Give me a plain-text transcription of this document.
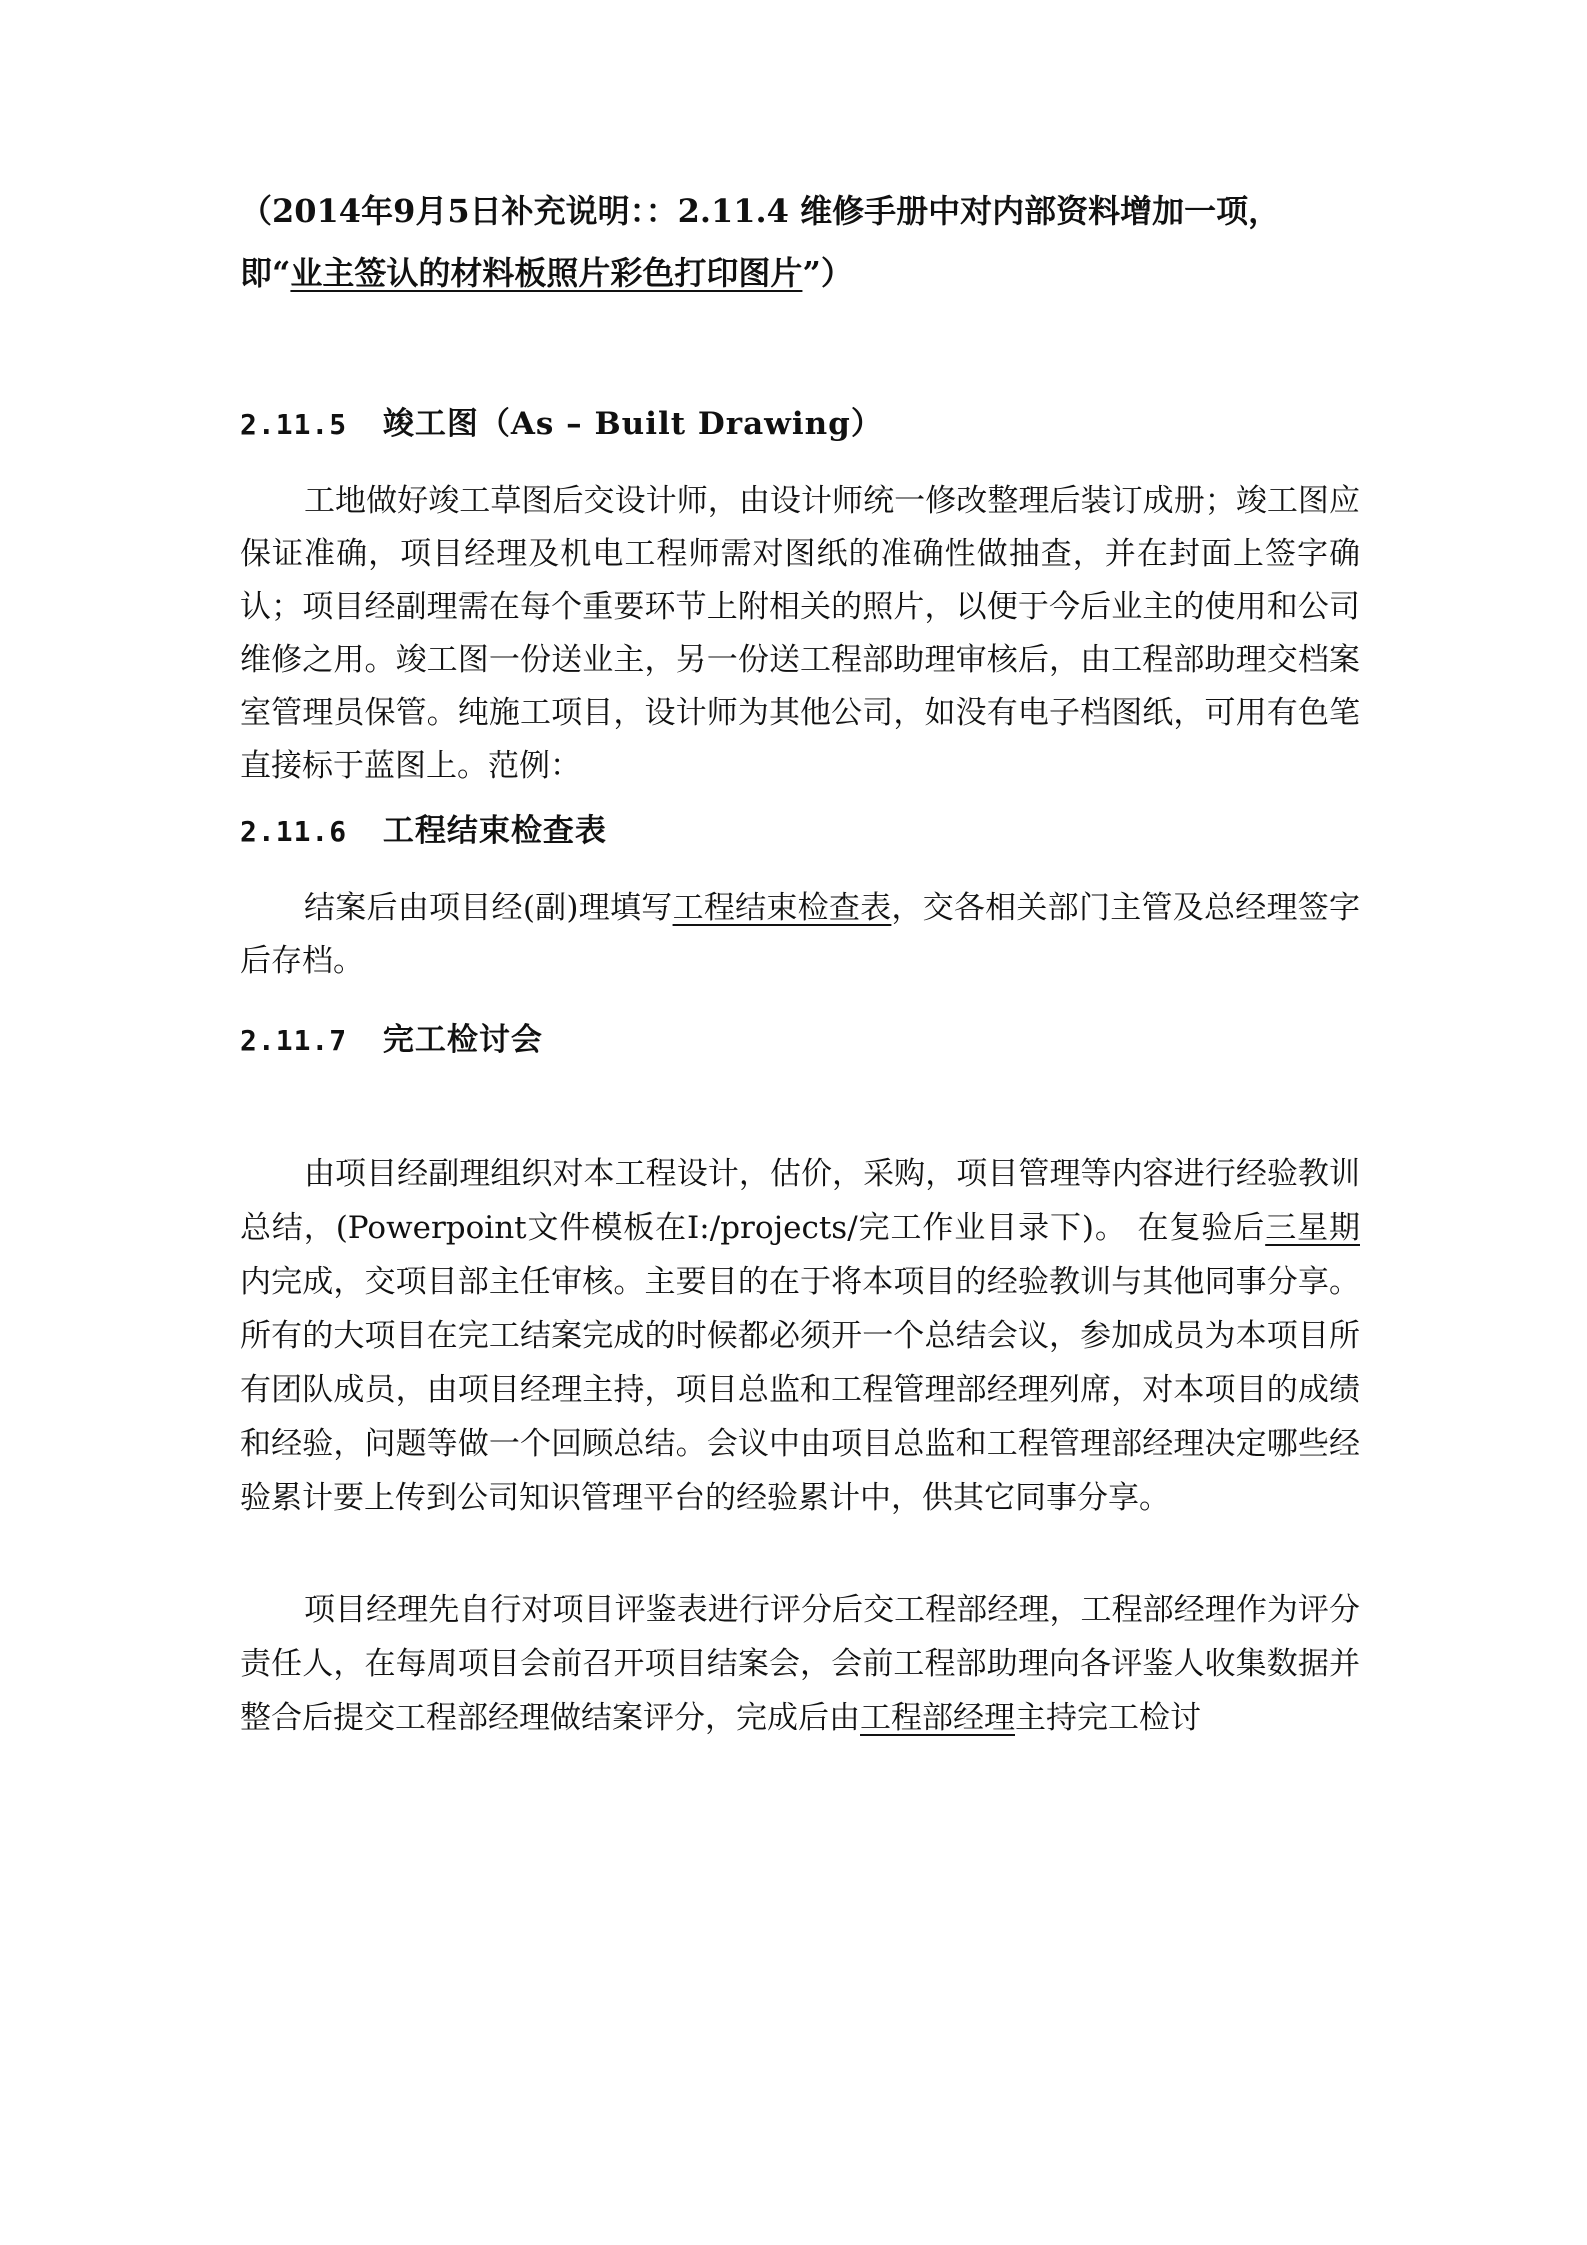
（2014年9月5日补充说明：：2.11.4 维修手册中对内部资料增加一项，即“业主签认的材料板照片彩色打印图片”）

2.11.5 竣工图（As – Built Drawing）

工地做好竣工草图后交设计师，由设计师统一修改整理后装订成册；竣工图应保证准确，项目经理及机电工程师需对图纸的准确性做抽查，并在封面上签字确认；项目经副理需在每个重要环节上附相关的照片，以便于今后业主的使用和公司维修之用。竣工图一份送业主，另一份送工程部助理审核后，由工程部助理交档案室管理员保管。纯施工项目，设计师为其他公司，如没有电子档图纸，可用有色笔直接标于蓝图上。范例：

2.11.6 工程结束检查表

结案后由项目经(副)理填写工程结束检查表，交各相关部门主管及总经理签字后存档。

2.11.7 完工检讨会

由项目经副理组织对本工程设计，估价，采购，项目管理等内容进行经验教训总结，(Powerpoint文件模板在I:/projects/完工作业目录下)。 在复验后三星期内完成，交项目部主任审核。主要目的在于将本项目的经验教训与其他同事分享。所有的大项目在完工结案完成的时候都必须开一个总结会议，参加成员为本项目所有团队成员，由项目经理主持，项目总监和工程管理部经理列席，对本项目的成绩和经验，问题等做一个回顾总结。会议中由项目总监和工程管理部经理决定哪些经验累计要上传到公司知识管理平台的经验累计中，供其它同事分享。

项目经理先自行对项目评鉴表进行评分后交工程部经理，工程部经理作为评分责任人，在每周项目会前召开项目结案会，会前工程部助理向各评鉴人收集数据并整合后提交工程部经理做结案评分，完成后由工程部经理主持完工检讨
